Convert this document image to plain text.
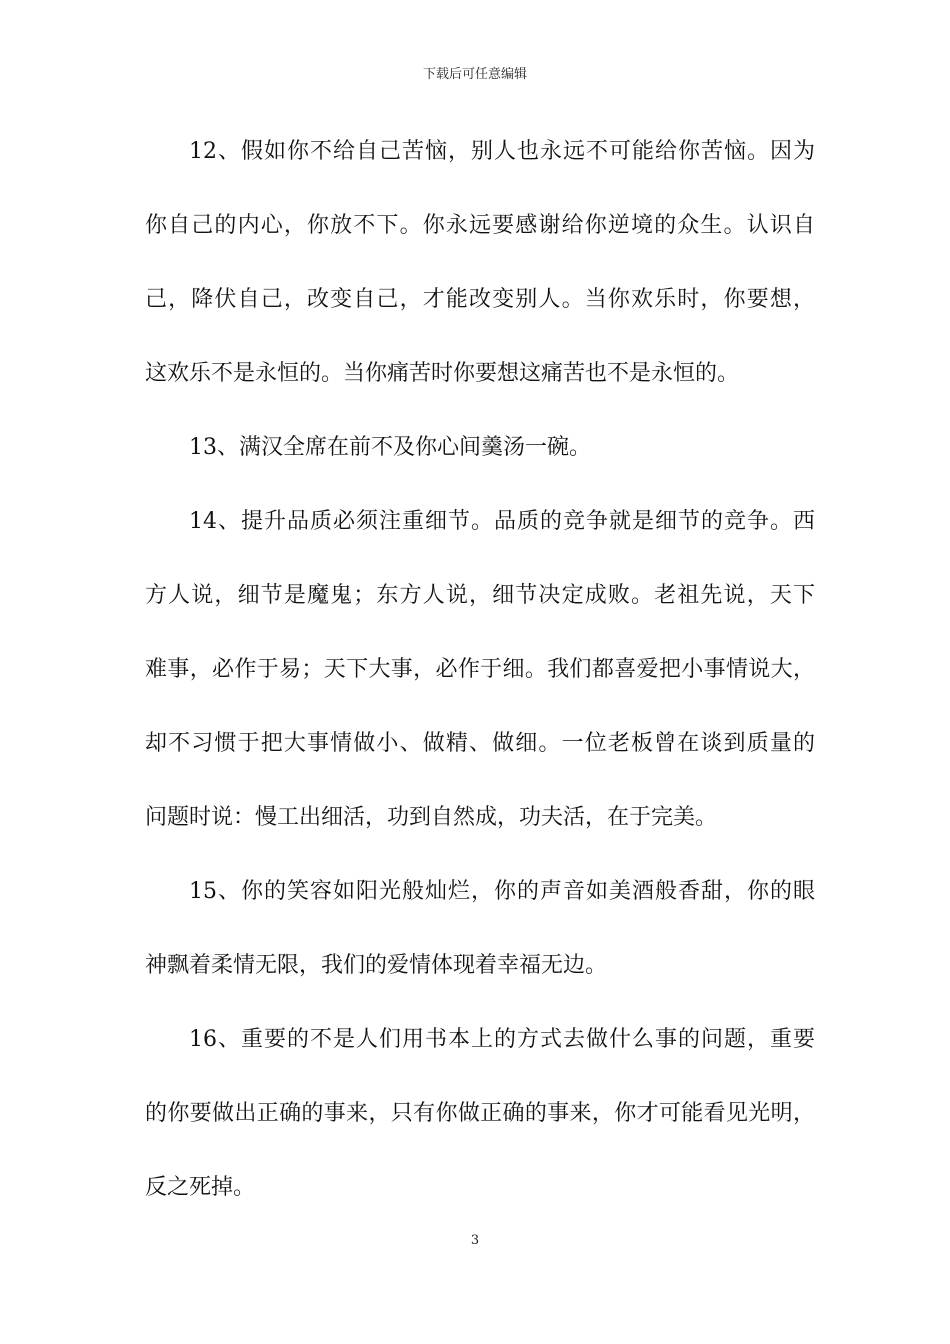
下载后可任意编辑
12、假如你不给自己苦恼，别人也永远不可能给你苦恼。因为
你自己的内心，你放不下。你永远要感谢给你逆境的众生。认识自
己，降伏自己，改变自己，才能改变别人。当你欢乐时，你要想，
这欢乐不是永恒的。当你痛苦时你要想这痛苦也不是永恒的。
13、满汉全席在前不及你心间羹汤一碗。
14、提升品质必须注重细节。品质的竞争就是细节的竞争。西
方人说，细节是魔鬼；东方人说，细节决定成败。老祖先说，天下
难事，必作于易；天下大事，必作于细。我们都喜爱把小事情说大，
却不习惯于把大事情做小、做精、做细。一位老板曾在谈到质量的
问题时说：慢工出细活，功到自然成，功夫活，在于完美。
15、你的笑容如阳光般灿烂，你的声音如美酒般香甜，你的眼
神飘着柔情无限，我们的爱情体现着幸福无边。
16、重要的不是人们用书本上的方式去做什么事的问题，重要
的你要做出正确的事来，只有你做正确的事来，你才可能看见光明，
反之死掉。
3
